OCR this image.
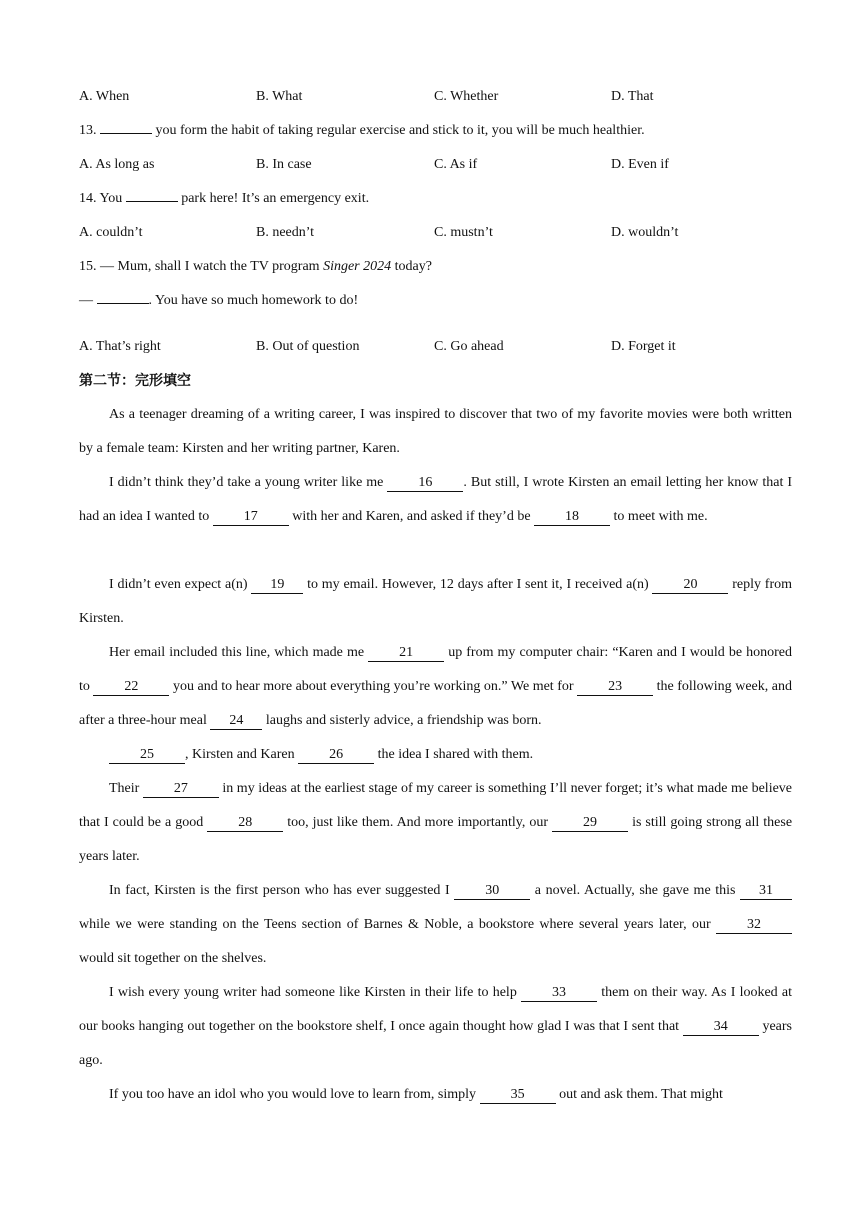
A. When	B. What	C. Whether	D. That
13.	you form the habit of taking regular exercise and stick to it, you will be much healthier.
A. As long as	B. In case	C. As if	D. Even if
14. You	park here! It’s an emergency exit.
A. couldn’t	B. needn’t	C. mustn’t	D. wouldn’t
15. — Mum, shall I watch the TV program Singer 2024 today?
—	. You have so much homework to do!
A. That’s right	B. Out of question	C. Go ahead	D. Forget it
第二节：完形填空
As a teenager dreaming of a writing career, I was inspired to discover that two of my favorite movies were both written by a female team: Kirsten and her writing partner, Karen.
I didn’t think they’d take a young writer like me	16 . But still, I wrote Kirsten an email letting her know that I had an idea I wanted to 17 with her and Karen, and asked if they’d be 18 to meet with me.
I didn’t even expect a(n) 19 to my email. However, 12 days after I sent it, I received a(n) 20 reply from Kirsten.
Her email included this line, which made me	21	up from my computer chair: “Karen and I would be honored to 22 you and to hear more about everything you’re working on.” We met for 23 the following week, and after a three-hour meal 24 laughs and sisterly advice, a friendship was born.
25 , Kirsten and Karen 26 the idea I shared with them.
Their 27 in my ideas at the earliest stage of my career is something I’ll never forget; it’s what made me believe that I could be a good	28	too, just like them. And more importantly, our	29	is still going strong all these years later.
In fact, Kirsten is the first person who has ever suggested I	30	a novel. Actually, she gave me this 31 while we were standing on the Teens section of Barnes & Noble, a bookstore where several years later, our	32 would sit together on the shelves.
I wish every young writer had someone like Kirsten in their life to help	33	them on their way. As I looked at our books hanging out together on the bookstore shelf, I once again thought how glad I was that I sent that 34 years ago.
If you too have an idol who you would love to learn from, simply 35 out and ask them. That might
